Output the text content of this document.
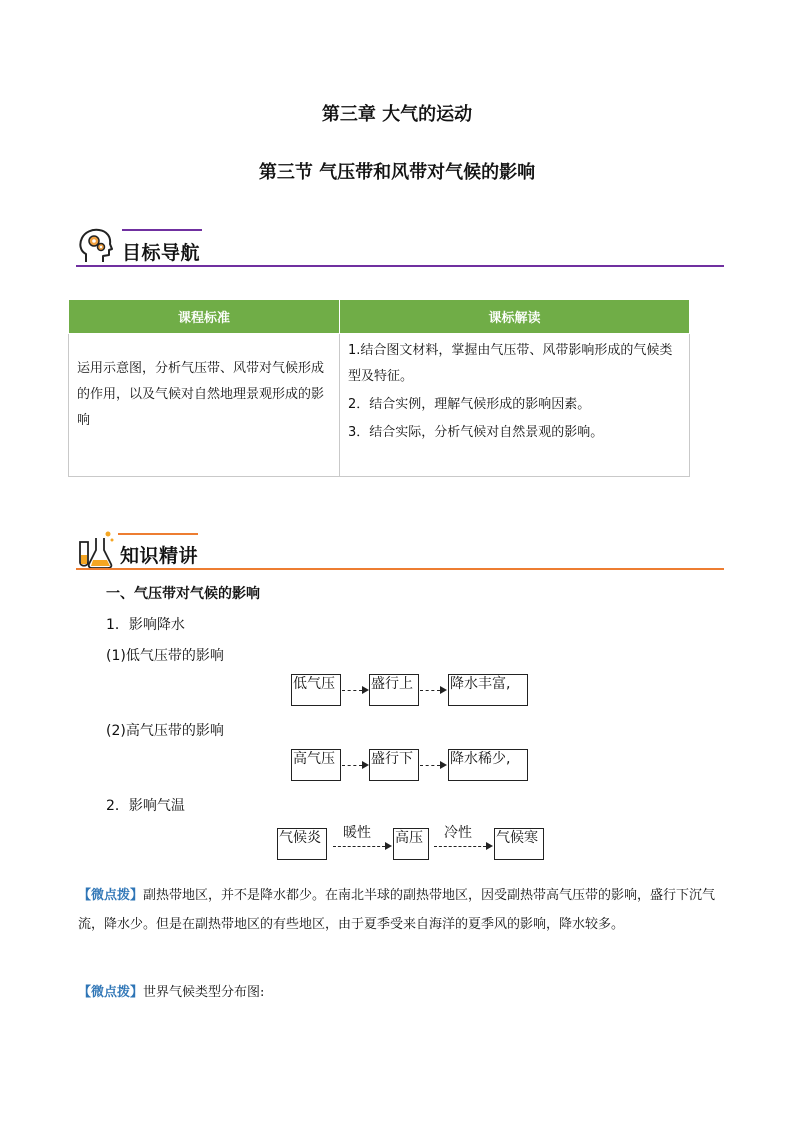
第三章 大气的运动
第三节 气压带和风带对气候的影响
目标导航
课程标准	课标解读
运用示意图，分析气压带、风带对气候形成的作用，以及气候对自然地理景观形成的影响	1.结合图文材料，掌握由气压带、风带影响形成的气候类型及特征。
2．结合实例，理解气候形成的影响因素。
3．结合实际，分析气候对自然景观的影响。
知识精讲
一、气压带对气候的影响
1．影响降水
(1)低气压带的影响
低气压	盛行上	降水丰富,
(2)高气压带的影响
高气压	盛行下	降水稀少,
2．影响气温
气候炎	暖性 高压	冷性 气候寒
【微点拨】副热带地区，并不是降水都少。在南北半球的副热带地区，因受副热带高气压带的影响，盛行下沉气流，降水少。但是在副热带地区的有些地区，由于夏季受来自海洋的夏季风的影响，降水较多。
【微点拨】世界气候类型分布图:
